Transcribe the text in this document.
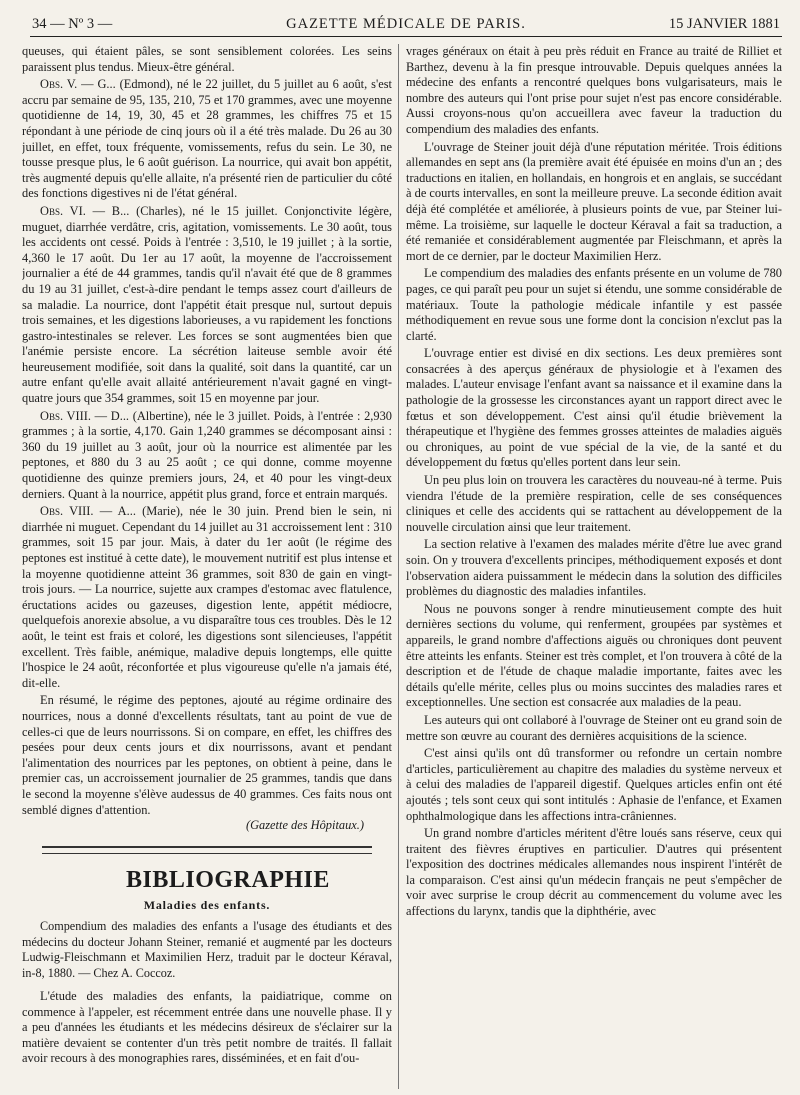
34 — Nº 3 —	GAZETTE MÉDICALE DE PARIS.	15 JANVIER 1881

queuses, qui étaient pâles, se sont sensiblement colorées. Les seins paraissent plus tendus. Mieux-être général.

Obs. V. — G... (Edmond), né le 22 juillet, du 5 juillet au 6 août, s'est accru par semaine de 95, 135, 210, 75 et 170 grammes, avec une moyenne quotidienne de 14, 19, 30, 45 et 28 grammes, les chiffres 75 et 15 répondant à une période de cinq jours où il a été très malade. Du 26 au 30 juillet, en effet, toux fréquente, vomissements, refus du sein. Le 30, ne tousse presque plus, le 6 août guérison. La nourrice, qui avait bon appétit, très augmenté depuis qu'elle allaite, n'a présenté rien de particulier du côté des fonctions digestives ni de l'état général.

Obs. VI. — B... (Charles), né le 15 juillet. Conjonctivite légère, muguet, diarrhée verdâtre, cris, agitation, vomissements. Le 30 août, tous les accidents ont cessé. Poids à l'entrée : 3,510, le 19 juillet ; à la sortie, 4,360 le 17 août. Du 1er au 17 août, la moyenne de l'accroissement journalier a été de 44 grammes, tandis qu'il n'avait été que de 8 grammes du 19 au 31 juillet, c'est-à-dire pendant le temps assez court d'ailleurs de sa maladie. La nourrice, dont l'appétit était presque nul, surtout depuis trois semaines, et les digestions laborieuses, a vu rapidement les fonctions gastro-intestinales se relever. Les forces se sont augmentées bien que l'anémie persiste encore. La sécrétion laiteuse semble avoir été heureusement modifiée, soit dans la qualité, soit dans la quantité, car un autre enfant qu'elle avait allaité antérieurement n'avait gagné en vingt-quatre jours que 354 grammes, soit 15 en moyenne par jour.

Obs. VIII. — D... (Albertine), née le 3 juillet. Poids, à l'entrée : 2,930 grammes ; à la sortie, 4,170. Gain 1,240 grammes se décomposant ainsi : 360 du 19 juillet au 3 août, jour où la nourrice est alimentée par les peptones, et 880 du 3 au 25 août ; ce qui donne, comme moyenne quotidienne des quinze premiers jours, 24, et 40 pour les vingt-deux derniers. Quant à la nourrice, appétit plus grand, force et entrain marqués.

Obs. VIII. — A... (Marie), née le 30 juin. Prend bien le sein, ni diarrhée ni muguet. Cependant du 14 juillet au 31 accroissement lent : 310 grammes, soit 15 par jour. Mais, à dater du 1er août (le régime des peptones est institué à cette date), le mouvement nutritif est plus intense et la moyenne quotidienne atteint 36 grammes, soit 830 de gain en vingt-trois jours. — La nourrice, sujette aux crampes d'estomac avec flatulence, éructations acides ou gazeuses, digestion lente, appétit médiocre, quelquefois anorexie absolue, a vu disparaître tous ces troubles. Dès le 12 août, le teint est frais et coloré, les digestions sont silencieuses, l'appétit excellent. Très faible, anémique, maladive depuis longtemps, elle quitte l'hospice le 24 août, réconfortée et plus vigoureuse qu'elle n'a jamais été, dit-elle.

En résumé, le régime des peptones, ajouté au régime ordinaire des nourrices, nous a donné d'excellents résultats, tant au point de vue de celles-ci que de leurs nourrissons. Si on compare, en effet, les chiffres des pesées pour deux cents jours et dix nourrissons, avant et pendant l'alimentation des nourrices par les peptones, on obtient à peine, dans le premier cas, un accroissement journalier de 25 grammes, tandis que dans le second la moyenne s'élève audessus de 40 grammes. Ces faits nous ont semblé dignes d'attention.

(Gazette des Hôpitaux.)

BIBLIOGRAPHIE
Maladies des enfants.

Compendium des maladies des enfants a l'usage des étudiants et des médecins du docteur Johann Steiner, remanié et augmenté par les docteurs Ludwig-Fleischmann et Maximilien Herz, traduit par le docteur Kéraval, in-8, 1880. — Chez A. Coccoz.

L'étude des maladies des enfants, la paidiatrique, comme on commence à l'appeler, est récemment entrée dans une nouvelle phase. Il y a peu d'années les étudiants et les médecins désireux de s'éclairer sur la matière devaient se contenter d'un très petit nombre de traités. Il fallait avoir recours à des monographies rares, disséminées, et en fait d'ou-

vrages généraux on était à peu près réduit en France au traité de Rilliet et Barthez, devenu à la fin presque introuvable. Depuis quelques années la médecine des enfants a rencontré quelques bons vulgarisateurs, mais le nombre des auteurs qui l'ont prise pour sujet n'est pas encore considérable. Aussi croyons-nous qu'on accueillera avec faveur la traduction du compendium des maladies des enfants.

L'ouvrage de Steiner jouit déjà d'une réputation méritée. Trois éditions allemandes en sept ans (la première avait été épuisée en moins d'un an ; des traductions en italien, en hollandais, en hongrois et en anglais, se succédant à de courts intervalles, en sont la meilleure preuve. La seconde édition avait déjà été complétée et améliorée, à plusieurs points de vue, par Steiner lui-même. La troisième, sur laquelle le docteur Kéraval a fait sa traduction, a été remaniée et considérablement augmentée par Fleischmann, et après la mort de ce dernier, par le docteur Maximilien Herz.

Le compendium des maladies des enfants présente en un volume de 780 pages, ce qui paraît peu pour un sujet si étendu, une somme considérable de matériaux. Toute la pathologie médicale infantile y est passée méthodiquement en revue sous une forme dont la concision n'exclut pas la clarté.

L'ouvrage entier est divisé en dix sections. Les deux premières sont consacrées à des aperçus généraux de physiologie et à l'examen des malades. L'auteur envisage l'enfant avant sa naissance et il examine dans la pathologie de la grossesse les circonstances ayant un rapport direct avec le fœtus et son développement. C'est ainsi qu'il étudie brièvement la thérapeutique et l'hygiène des femmes grosses atteintes de maladies aiguës ou chroniques, au point de vue spécial de la vie, de la santé et du développement du fœtus qu'elles portent dans leur sein.

Un peu plus loin on trouvera les caractères du nouveau-né à terme. Puis viendra l'étude de la première respiration, celle de ses conséquences cliniques et celle des accidents qui se rattachent au développement de la nouvelle circulation ainsi que leur traitement.

La section relative à l'examen des malades mérite d'être lue avec grand soin. On y trouvera d'excellents principes, méthodiquement exposés et dont l'observation aidera puissamment le médecin dans la solution des difficiles problèmes du diagnostic des maladies infantiles.

Nous ne pouvons songer à rendre minutieusement compte des huit dernières sections du volume, qui renferment, groupées par systèmes et appareils, le grand nombre d'affections aiguës ou chroniques dont peuvent être atteints les enfants. Steiner est très complet, et l'on trouvera à côté de la description et de l'étude de chaque maladie importante, faites avec les détails qu'elle mérite, celles plus ou moins succintes des maladies rares et exceptionnelles. Une section est consacrée aux maladies de la peau.

Les auteurs qui ont collaboré à l'ouvrage de Steiner ont eu grand soin de mettre son œuvre au courant des dernières acquisitions de la science.

C'est ainsi qu'ils ont dû transformer ou refondre un certain nombre d'articles, particulièrement au chapitre des maladies du système nerveux et à celui des maladies de l'appareil digestif. Quelques articles enfin ont été ajoutés ; tels sont ceux qui sont intitulés : Aphasie de l'enfance, et Examen ophthalmologique dans les affections intra-crâniennes.

Un grand nombre d'articles méritent d'être loués sans réserve, ceux qui traitent des fièvres éruptives en particulier. D'autres qui présentent l'exposition des doctrines médicales allemandes nous inspirent l'intérêt de la comparaison. C'est ainsi qu'un médecin français ne peut s'empêcher de voir avec surprise le croup décrit au commencement du volume avec les affections du larynx, tandis que la diphthérie, avec
